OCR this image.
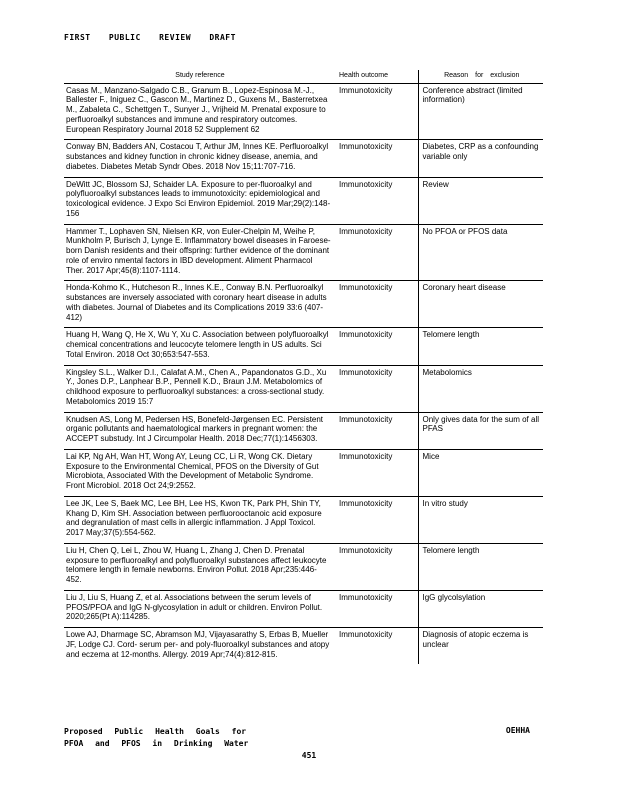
FIRST PUBLIC REVIEW DRAFT
Study reference	Health outcome	Reason for exclusion
Casas M., Manzano-Salgado C.B., Granum B., Lopez-Espinosa M.-J., Ballester F., Iniguez C., Gascon M., Martinez D., Guxens M., Basterretxea M., Zabaleta C., Schettgen T., Sunyer J., Vrijheid M. Prenatal exposure to perfluoroalkyl substances and immune and respiratory outcomes. European Respiratory Journal 2018 52 Supplement 62	Immunotoxicity	Conference abstract (limited information)
Conway BN, Badders AN, Costacou T, Arthur JM, Innes KE. Perfluoroalkyl substances and kidney function in chronic kidney disease, anemia, and diabetes. Diabetes Metab Syndr Obes. 2018 Nov 15;11:707-716.	Immunotoxicity	Diabetes, CRP as a confounding variable only
DeWitt JC, Blossom SJ, Schaider LA. Exposure to per-fluoroalkyl and polyfluoroalkyl substances leads to immunotoxicity: epidemiological and toxicological evidence. J Expo Sci Environ Epidemiol. 2019 Mar;29(2):148-156	Immunotoxicity	Review
Hammer T., Lophaven SN, Nielsen KR, von Euler-Chelpin M, Weihe P, Munkholm P, Burisch J, Lynge E. Inflammatory bowel diseases in Faroese-born Danish residents and their offspring: further evidence of the dominant role of enviro nmental factors in IBD development. Aliment Pharmacol Ther. 2017 Apr;45(8):1107-1114.	Immunotoxicity	No PFOA or PFOS data
Honda-Kohmo K., Hutcheson R., Innes K.E., Conway B.N. Perfluoroalkyl substances are inversely associated with coronary heart disease in adults with diabetes. Journal of Diabetes and its Complications 2019 33:6 (407-412)	Immunotoxicity	Coronary heart disease
Huang H, Wang Q, He X, Wu Y, Xu C. Association between polyfluoroalkyl chemical concentrations and leucocyte telomere length in US adults. Sci Total Environ. 2018 Oct 30;653:547-553.	Immunotoxicity	Telomere length
Kingsley S.L., Walker D.I., Calafat A.M., Chen A., Papandonatos G.D., Xu Y., Jones D.P., Lanphear B.P., Pennell K.D., Braun J.M. Metabolomics of childhood exposure to perfluoroalkyl substances: a cross-sectional study. Metabolomics 2019 15:7	Immunotoxicity	Metabolomics
Knudsen AS, Long M, Pedersen HS, Bonefeld-Jørgensen EC. Persistent organic pollutants and haematological markers in pregnant women: the ACCEPT substudy. Int J Circumpolar Health. 2018 Dec;77(1):1456303.	Immunotoxicity	Only gives data for the sum of all PFAS
Lai KP, Ng AH, Wan HT, Wong AY, Leung CC, Li R, Wong CK. Dietary Exposure to the Environmental Chemical, PFOS on the Diversity of Gut Microbiota, Associated With the Development of Metabolic Syndrome. Front Microbiol. 2018 Oct 24;9:2552.	Immunotoxicity	Mice
Lee JK, Lee S, Baek MC, Lee BH, Lee HS, Kwon TK, Park PH, Shin TY, Khang D, Kim SH. Association between perfluorooctanoic acid exposure and degranulation of mast cells in allergic inflammation. J Appl Toxicol. 2017 May;37(5):554-562.	Immunotoxicity	In vitro study
Liu H, Chen Q, Lei L, Zhou W, Huang L, Zhang J, Chen D. Prenatal exposure to perfluoroalkyl and polyfluoroalkyl substances affect leukocyte telomere length in female newborns. Environ Pollut. 2018 Apr;235:446-452.	Immunotoxicity	Telomere length
Liu J, Liu S, Huang Z, et al. Associations between the serum levels of PFOS/PFOA and IgG N-glycosylation in adult or children. Environ Pollut. 2020;265(Pt A):114285.	Immunotoxicity	IgG glycolsylation
Lowe AJ, Dharmage SC, Abramson MJ, Vijayasarathy S, Erbas B, Mueller JF, Lodge CJ. Cord- serum per- and poly-fluoroalkyl substances and atopy and eczema at 12-months. Allergy. 2019 Apr;74(4):812-815.	Immunotoxicity	Diagnosis of atopic eczema is unclear
Proposed Public Health Goals for
PFOA and PFOS in Drinking Water
OEHHA
451
